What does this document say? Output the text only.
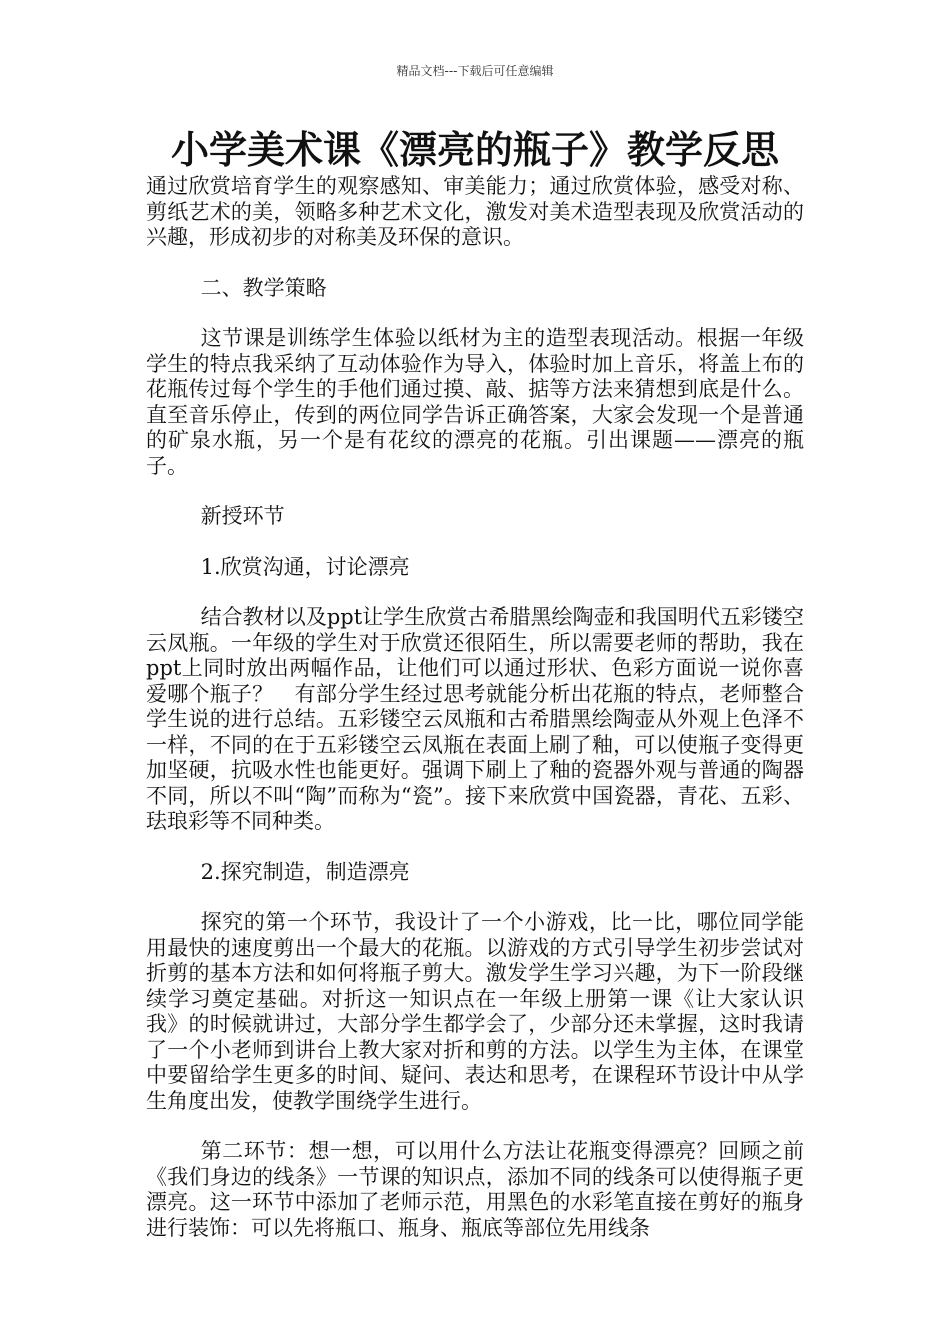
精品文档---下载后可任意编辑
小学美术课《漂亮的瓶子》教学反思

通过欣赏培育学生的观察感知、审美能力；通过欣赏体验，感受对称、剪纸艺术的美，领略多种艺术文化，激发对美术造型表现及欣赏活动的兴趣，形成初步的对称美及环保的意识。

二、教学策略

这节课是训练学生体验以纸材为主的造型表现活动。根据一年级学生的特点我采纳了互动体验作为导入，体验时加上音乐，将盖上布的花瓶传过每个学生的手他们通过摸、敲、掂等方法来猜想到底是什么。直至音乐停止，传到的两位同学告诉正确答案，大家会发现一个是普通的矿泉水瓶，另一个是有花纹的漂亮的花瓶。引出课题——漂亮的瓶子。

新授环节

1.欣赏沟通，讨论漂亮

结合教材以及ppt让学生欣赏古希腊黑绘陶壶和我国明代五彩镂空云凤瓶。一年级的学生对于欣赏还很陌生，所以需要老师的帮助，我在ppt上同时放出两幅作品，让他们可以通过形状、色彩方面说一说你喜爱哪个瓶子？　有部分学生经过思考就能分析出花瓶的特点，老师整合学生说的进行总结。五彩镂空云凤瓶和古希腊黑绘陶壶从外观上色泽不一样，不同的在于五彩镂空云凤瓶在表面上刷了釉，可以使瓶子变得更加坚硬，抗吸水性也能更好。强调下刷上了釉的瓷器外观与普通的陶器不同，所以不叫“陶”而称为“瓷”。接下来欣赏中国瓷器，青花、五彩、珐琅彩等不同种类。

2.探究制造，制造漂亮

探究的第一个环节，我设计了一个小游戏，比一比，哪位同学能用最快的速度剪出一个最大的花瓶。以游戏的方式引导学生初步尝试对折剪的基本方法和如何将瓶子剪大。激发学生学习兴趣，为下一阶段继续学习奠定基础。对折这一知识点在一年级上册第一课《让大家认识我》的时候就讲过，大部分学生都学会了，少部分还未掌握，这时我请了一个小老师到讲台上教大家对折和剪的方法。以学生为主体，在课堂中要留给学生更多的时间、疑问、表达和思考，在课程环节设计中从学生角度出发，使教学围绕学生进行。

第二环节：想一想，可以用什么方法让花瓶变得漂亮？回顾之前《我们身边的线条》一节课的知识点，添加不同的线条可以使得瓶子更漂亮。这一环节中添加了老师示范，用黑色的水彩笔直接在剪好的瓶身进行装饰：可以先将瓶口、瓶身、瓶底等部位先用线条
